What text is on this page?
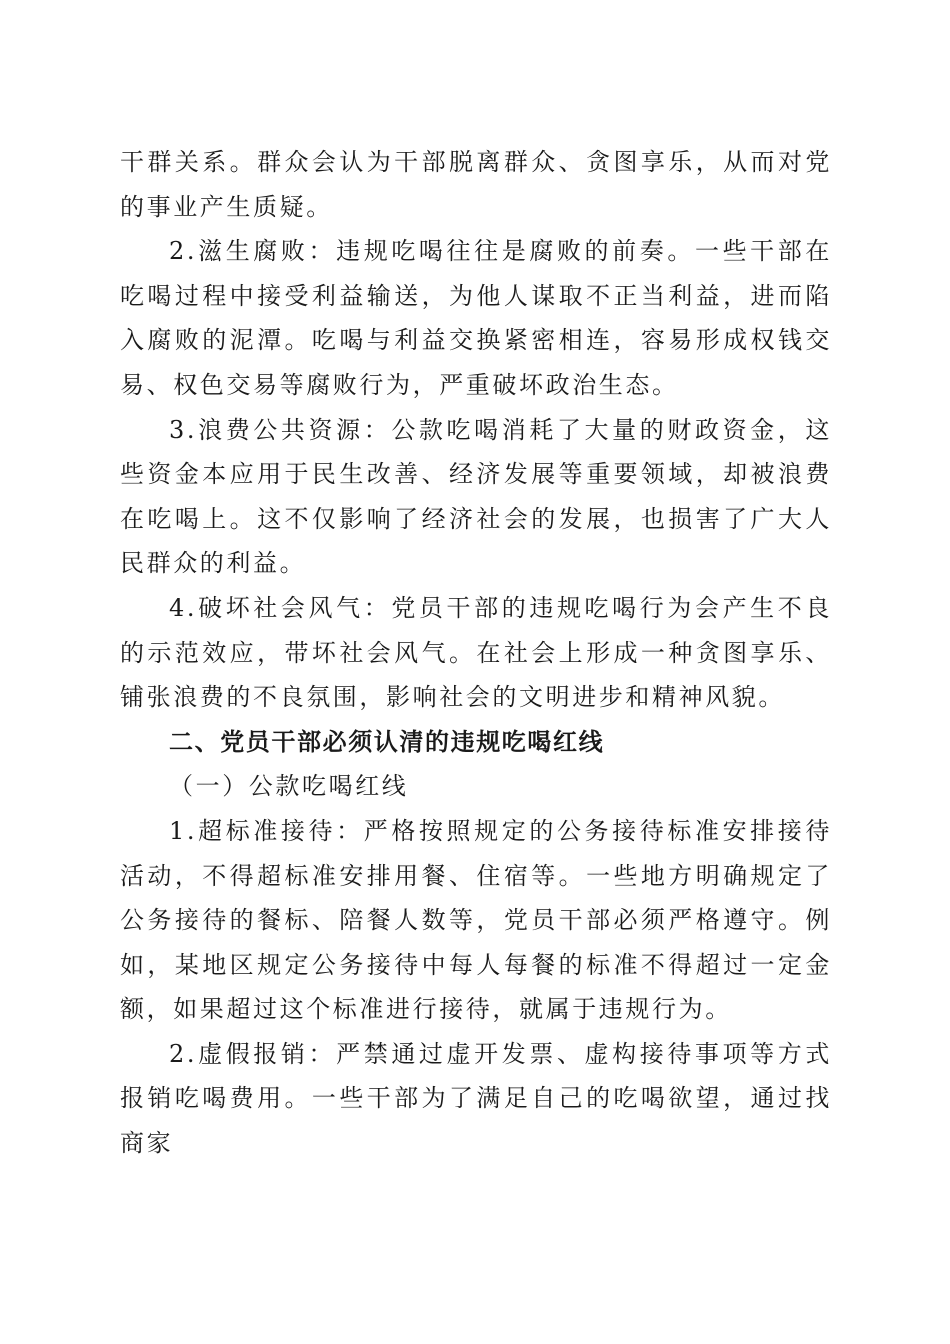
干群关系。群众会认为干部脱离群众、贪图享乐，从而对党的事业产生质疑。

2.滋生腐败：违规吃喝往往是腐败的前奏。一些干部在吃喝过程中接受利益输送，为他人谋取不正当利益，进而陷入腐败的泥潭。吃喝与利益交换紧密相连，容易形成权钱交易、权色交易等腐败行为，严重破坏政治生态。

3.浪费公共资源：公款吃喝消耗了大量的财政资金，这些资金本应用于民生改善、经济发展等重要领域，却被浪费在吃喝上。这不仅影响了经济社会的发展，也损害了广大人民群众的利益。

4.破坏社会风气：党员干部的违规吃喝行为会产生不良的示范效应，带坏社会风气。在社会上形成一种贪图享乐、铺张浪费的不良氛围，影响社会的文明进步和精神风貌。

二、党员干部必须认清的违规吃喝红线

（一）公款吃喝红线

1.超标准接待：严格按照规定的公务接待标准安排接待活动，不得超标准安排用餐、住宿等。一些地方明确规定了公务接待的餐标、陪餐人数等，党员干部必须严格遵守。例如，某地区规定公务接待中每人每餐的标准不得超过一定金额，如果超过这个标准进行接待，就属于违规行为。

2.虚假报销：严禁通过虚开发票、虚构接待事项等方式报销吃喝费用。一些干部为了满足自己的吃喝欲望，通过找商家
